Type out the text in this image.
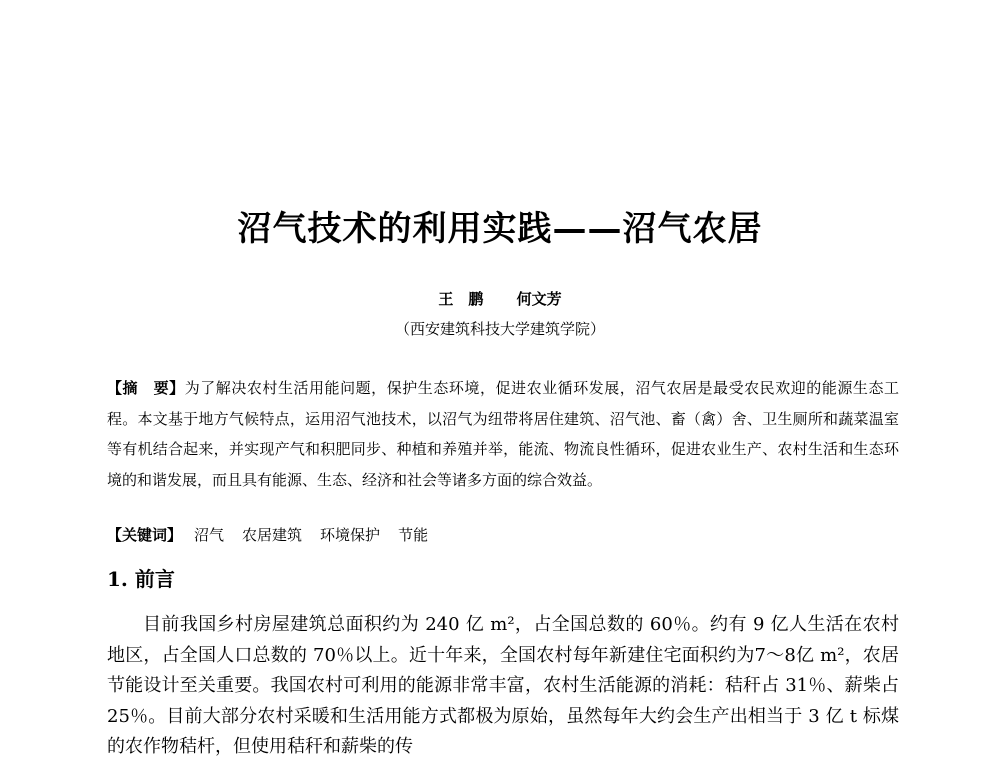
沼气技术的利用实践——沼气农居
王　鹏 何文芳
（西安建筑科技大学建筑学院）

【摘　要】为了解决农村生活用能问题，保护生态环境，促进农业循环发展，沼气农居是最受农民欢迎的能源生态工程。本文基于地方气候特点，运用沼气池技术，以沼气为纽带将居住建筑、沼气池、畜（禽）舍、卫生厕所和蔬菜温室等有机结合起来，并实现产气和积肥同步、种植和养殖并举，能流、物流良性循环，促进农业生产、农村生活和生态环境的和谐发展，而且具有能源、生态、经济和社会等诸多方面的综合效益。

【关键词】 沼气 农居建筑 环境保护 节能

1. 前言

目前我国乡村房屋建筑总面积约为 240 亿 m²，占全国总数的 60％。约有 9 亿人生活在农村地区，占全国人口总数的 70％以上。近十年来，全国农村每年新建住宅面积约为7～8亿 m²，农居节能设计至关重要。我国农村可利用的能源非常丰富，农村生活能源的消耗：秸秆占 31％、薪柴占 25％。目前大部分农村采暖和生活用能方式都极为原始，虽然每年大约会生产出相当于 3 亿 t 标煤的农作物秸杆，但使用秸秆和薪柴的传
